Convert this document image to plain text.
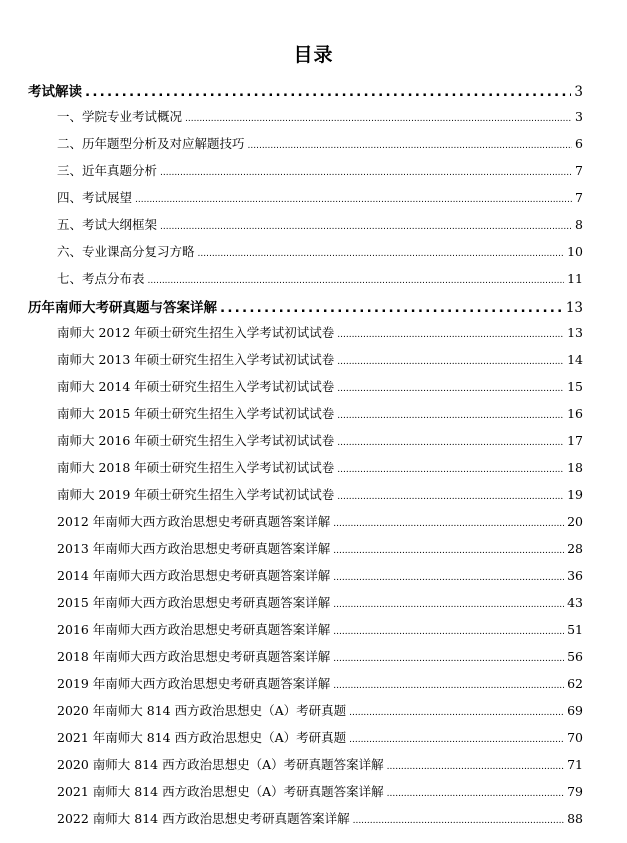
目录
考试解读 .....	3
一、学院专业考试概况 .....	3
二、历年题型分析及对应解题技巧 .....	6
三、近年真题分析 .....	7
四、考试展望 .....	7
五、考试大纲框架 .....	8
六、专业课高分复习方略 .....	10
七、考点分布表 .....	11
历年南师大考研真题与答案详解 .....	13
南师大 2012 年硕士研究生招生入学考试初试试卷 .....	13
南师大 2013 年硕士研究生招生入学考试初试试卷 .....	14
南师大 2014 年硕士研究生招生入学考试初试试卷 .....	15
南师大 2015 年硕士研究生招生入学考试初试试卷 .....	16
南师大 2016 年硕士研究生招生入学考试初试试卷 .....	17
南师大 2018 年硕士研究生招生入学考试初试试卷 .....	18
南师大 2019 年硕士研究生招生入学考试初试试卷 .....	19
2012 年南师大西方政治思想史考研真题答案详解 .....	20
2013 年南师大西方政治思想史考研真题答案详解 .....	28
2014 年南师大西方政治思想史考研真题答案详解 .....	36
2015 年南师大西方政治思想史考研真题答案详解 .....	43
2016 年南师大西方政治思想史考研真题答案详解 .....	51
2018 年南师大西方政治思想史考研真题答案详解 .....	56
2019 年南师大西方政治思想史考研真题答案详解 .....	62
2020 年南师大 814 西方政治思想史（A）考研真题 .....	69
2021 年南师大 814 西方政治思想史（A）考研真题 .....	70
2020 南师大 814 西方政治思想史（A）考研真题答案详解 .....	71
2021 南师大 814 西方政治思想史（A）考研真题答案详解 .....	79
2022 南师大 814 西方政治思想史考研真题答案详解 .....	88
